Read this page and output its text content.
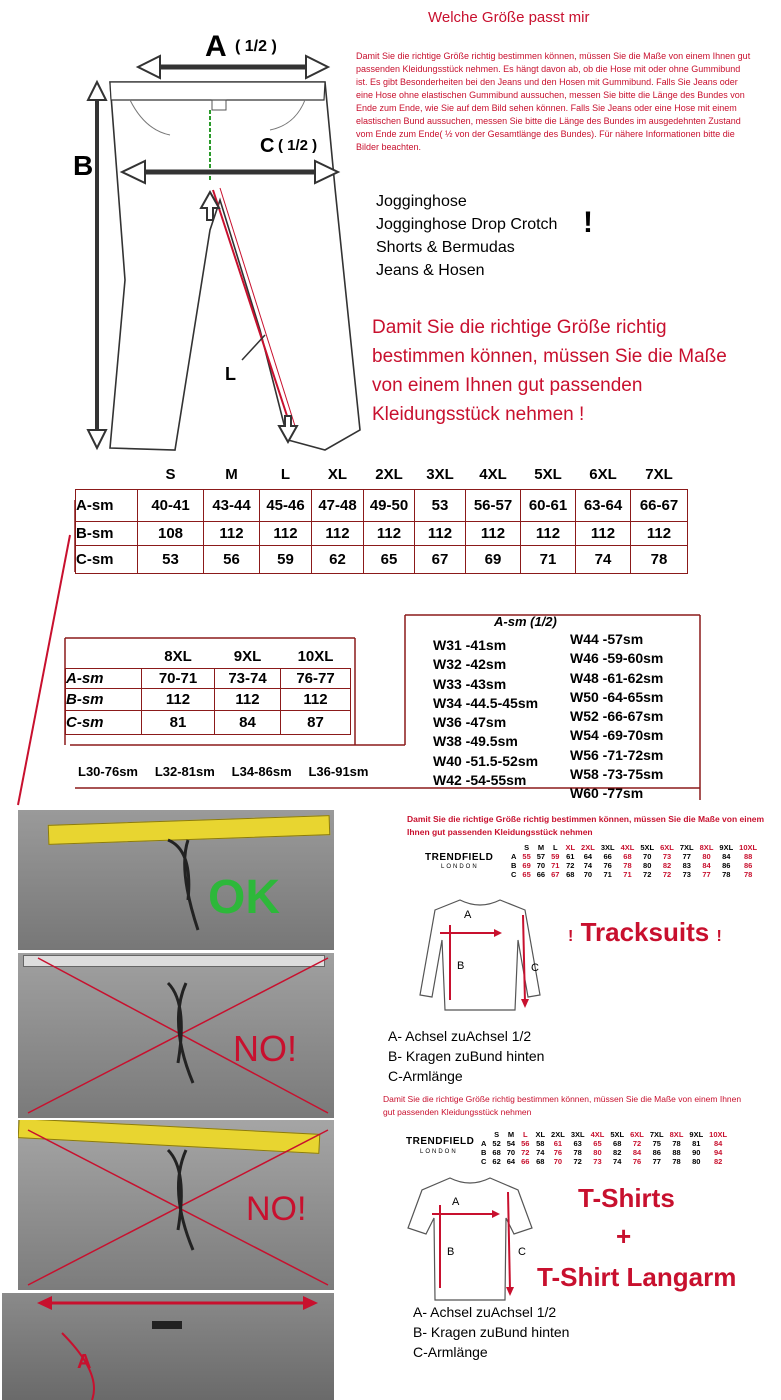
Welche Größe passt mir
Damit Sie die richtige Größe richtig bestimmen können, müssen Sie die Maße von einem Ihnen gut passenden Kleidungsstück nehmen. Es hängt davon ab, ob die Hose mit oder ohne Gummibund ist. Es gibt Besonderheiten bei den Jeans und den Hosen mit Gummibund. Falls Sie Jeans oder eine Hose ohne elastischen Gummibund aussuchen, messen Sie bitte die Länge des Bundes von Ende zum Ende, wie Sie auf dem Bild sehen können. Falls Sie Jeans oder eine Hose mit einem elastischen Bund aussuchen, messen Sie bitte die Länge des Bundes im ausgedehnten Zustand vom Ende zum Ende( ½ von der Gesamtlänge des Bundes). Für nähere Informationen bitte die Bilder beachten.
A ( 1/2 )
B
C ( 1/2 )
L
Jogginghose
Jogginghose Drop Crotch
Shorts & Bermudas
Jeans & Hosen
!
Damit Sie die richtige Größe richtig bestimmen können, müssen Sie die Maße von einem Ihnen gut passenden Kleidungsstück nehmen !
	S	M	L	XL	2XL	3XL	4XL	5XL	6XL	7XL
A-sm	40-41	43-44	45-46	47-48	49-50	53	56-57	60-61	63-64	66-67
B-sm	108	112	112	112	112	112	112	112	112	112
C-sm	53	56	59	62	65	67	69	71	74	78
	8XL	9XL	10XL
A-sm	70-71	73-74	76-77
B-sm	112	112	112
C-sm	81	84	87
L30-76sm L32-81sm L34-86sm L36-91sm
A-sm (1/2)
W31 -41sm
W32 -42sm
W33 -43sm
W34 -44.5-45sm
W36 -47sm
W38 -49.5sm
W40 -51.5-52sm
W42 -54-55sm
W44 -57sm
W46 -59-60sm
W48 -61-62sm
W50 -64-65sm
W52 -66-67sm
W54 -69-70sm
W56 -71-72sm
W58 -73-75sm
W60 -77sm
OK
NO!
NO!
A
Damit Sie die richtige Größe richtig bestimmen können, müssen Sie die Maße von einem Ihnen gut passenden Kleidungsstück nehmen
TRENDFIELD
LONDON
	S	M	L	XL	2XL	3XL	4XL	5XL	6XL	7XL	8XL	9XL	10XL
A	55	57	59	61	64	66	68	70	73	77	80	84	88
B	69	70	71	72	74	76	78	80	82	83	84	86	86
C	65	66	67	68	70	71	71	72	72	73	77	78	78
A
B	C
! Tracksuits !
A- Achsel zuAchsel 1/2
B- Kragen zuBund hinten
C-Armlänge
Damit Sie die richtige Größe richtig bestimmen können, müssen Sie die Maße von einem Ihnen gut passenden Kleidungsstück nehmen
TRENDFIELD
LONDON
	S	M	L	XL	2XL	3XL	4XL	5XL	6XL	7XL	8XL	9XL	10XL
A	52	54	56	58	61	63	65	68	72	75	78	81	84
B	68	70	72	74	76	78	80	82	84	86	88	90	94
C	62	64	66	68	70	72	73	74	76	77	78	80	82
A
B	C
T-Shirts
+
T-Shirt Langarm
A- Achsel zuAchsel 1/2
B- Kragen zuBund hinten
C-Armlänge
